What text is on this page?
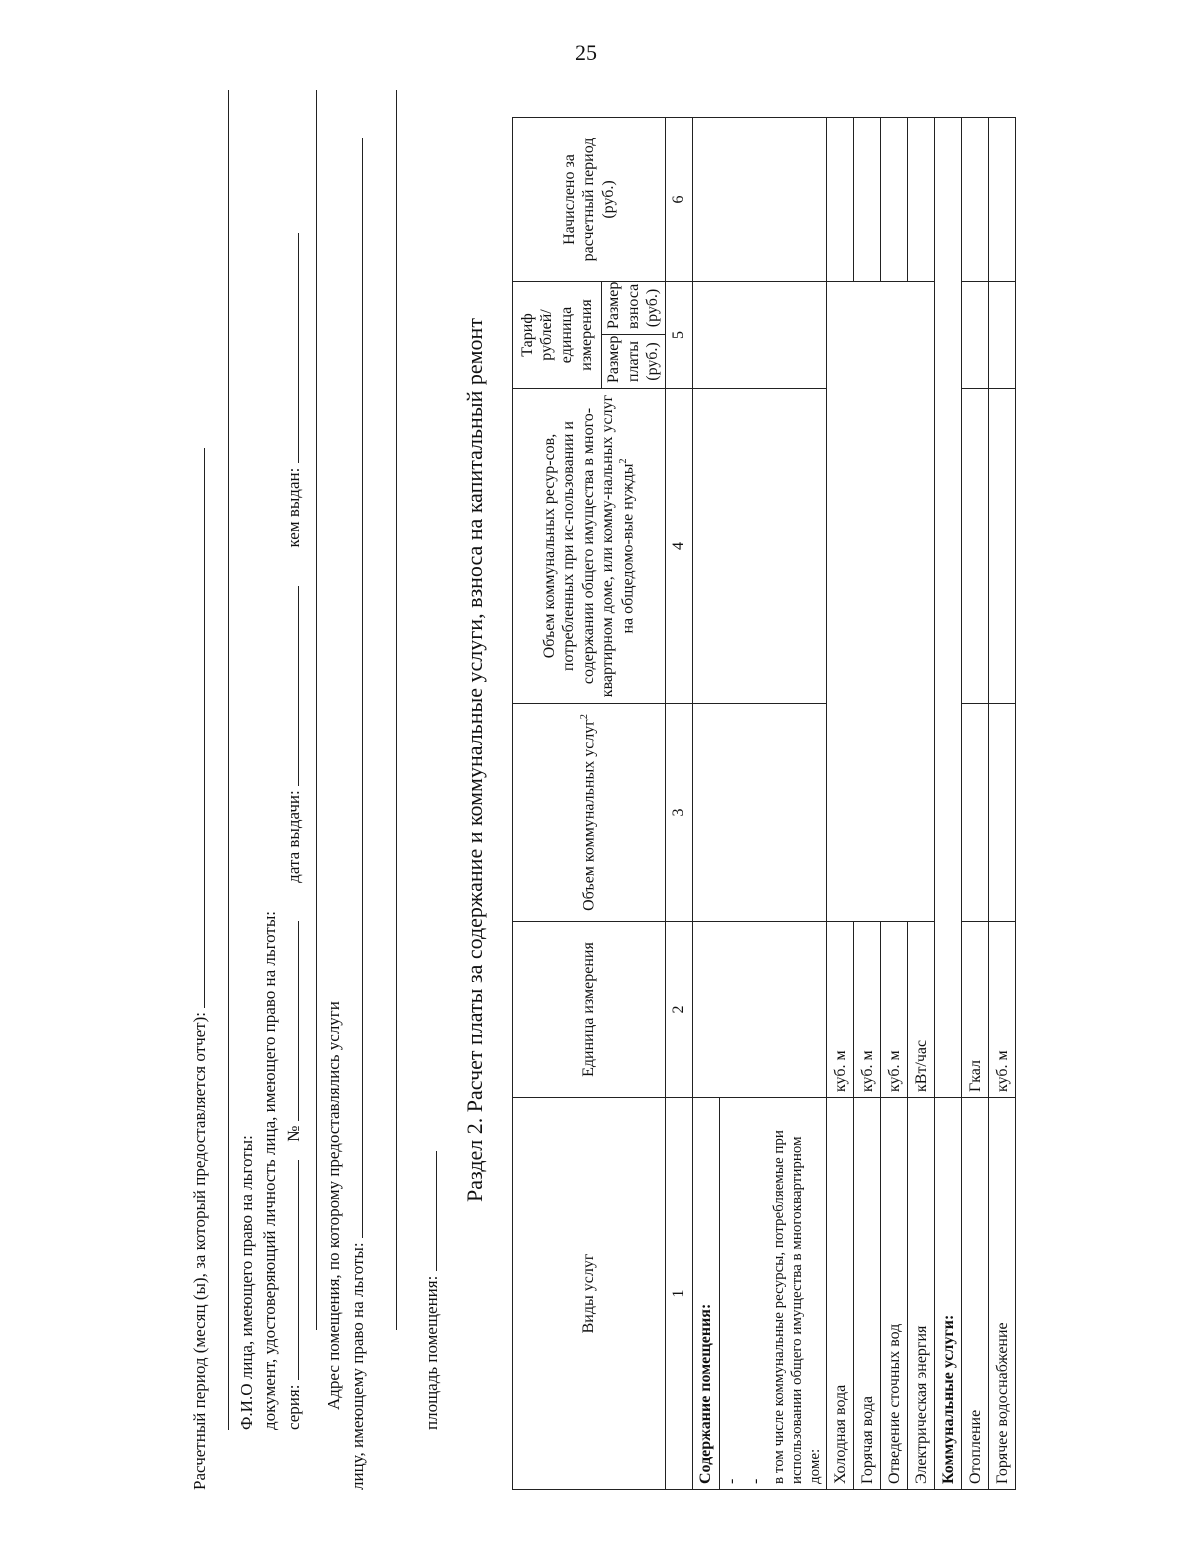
25
Расчетный период (месяц (ы), за который предоставляется отчет): Ф.И.О лица, имеющего право на льготы: документ, удостоверяющий личность лица, имеющего право на льготы: серия:   №   дата выдачи:   кем выдан:
Адрес помещения, по которому предоставлялись услуги лицу, имеющему право на льготы:	площадь помещения:
Раздел 2. Расчет платы за содержание и коммунальные услуги, взноса на капитальный ремонт
Виды услуг	Единица измерения	Объем коммунальных услуг$^2$	Объем коммунальных ресур-сов, потребленных при ис-пользовании и содержании общего имущества в много-квартирном доме, или комму-нальных услуг на общедомо-вые нужды$^2$	Тариф рублей/единица измерения		Начислено за расчетный период (руб.)
				Размер платы (руб.)	Размер взноса (руб.)	
1	2	3	4	5		6
Содержание помещения:						
-						
-						
в том числе коммунальные ресурсы, потребляемые при использовании общего имущества в многоквартирном доме:						
Холодная вода	куб. м					
Горячая вода	куб. м					
Отведение сточных вод	куб. м					
Электрическая энергия	кВт/час					
Коммунальные услуги:						
Отопление	Гкал					
Горячее водоснабжение	куб. м					
